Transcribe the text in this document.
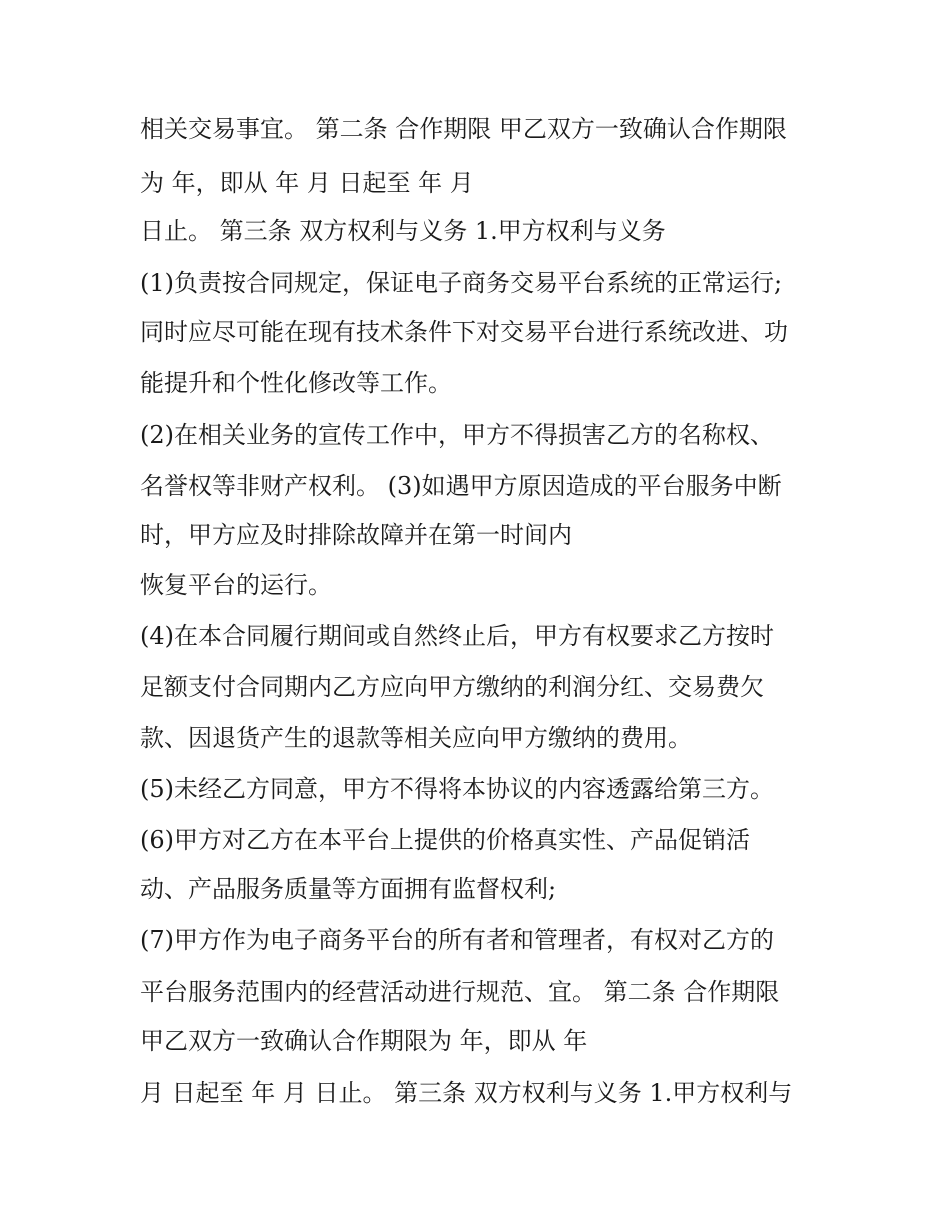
相关交易事宜。 第二条 合作期限 甲乙双方一致确认合作期限
为 年，即从 年 月 日起至 年 月
日止。 第三条 双方权利与义务 1.甲方权利与义务
(1)负责按合同规定，保证电子商务交易平台系统的正常运行;
同时应尽可能在现有技术条件下对交易平台进行系统改进、功
能提升和个性化修改等工作。
(2)在相关业务的宣传工作中，甲方不得损害乙方的名称权、
名誉权等非财产权利。 (3)如遇甲方原因造成的平台服务中断
时，甲方应及时排除故障并在第一时间内
恢复平台的运行。
(4)在本合同履行期间或自然终止后，甲方有权要求乙方按时
足额支付合同期内乙方应向甲方缴纳的利润分红、交易费欠
款、因退货产生的退款等相关应向甲方缴纳的费用。
(5)未经乙方同意，甲方不得将本协议的内容透露给第三方。
(6)甲方对乙方在本平台上提供的价格真实性、产品促销活
动、产品服务质量等方面拥有监督权利;
(7)甲方作为电子商务平台的所有者和管理者，有权对乙方的
平台服务范围内的经营活动进行规范、宜。 第二条 合作期限
甲乙双方一致确认合作期限为 年，即从 年
月 日起至 年 月 日止。 第三条 双方权利与义务 1.甲方权利与
